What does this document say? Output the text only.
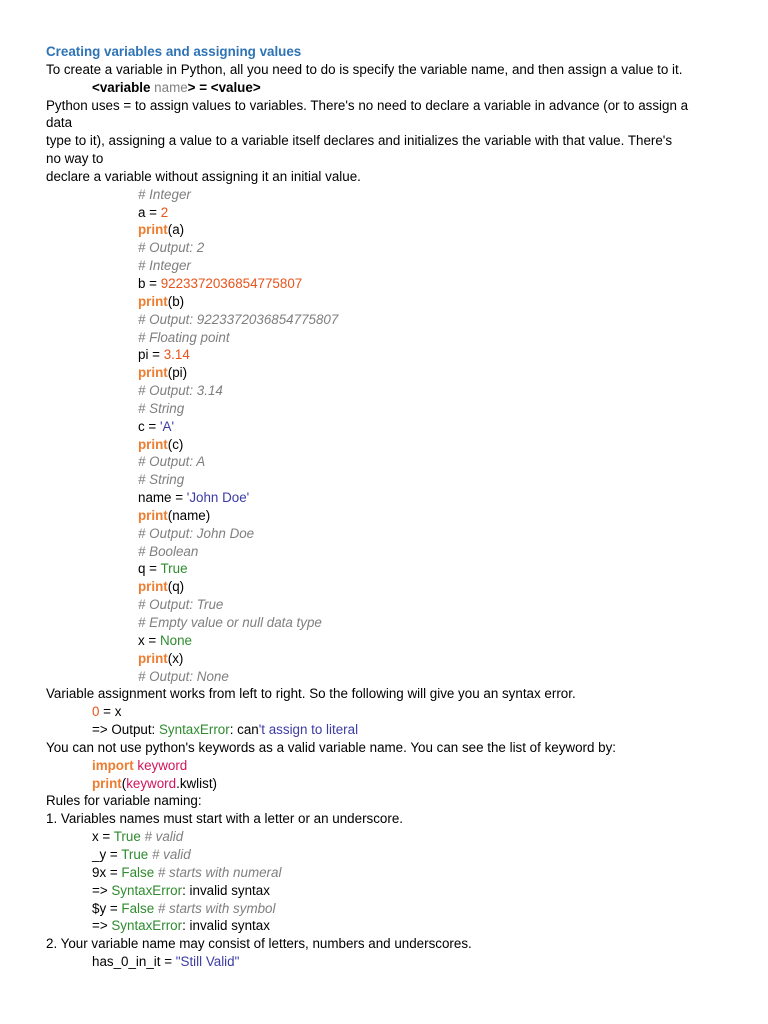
Creating variables and assigning values
To create a variable in Python, all you need to do is specify the variable name, and then assign a value to it.
<variable name> = <value>
Python uses = to assign values to variables. There's no need to declare a variable in advance (or to assign a
data
type to it), assigning a value to a variable itself declares and initializes the variable with that value. There's
no way to
declare a variable without assigning it an initial value.
# Integer
a = 2
print(a)
# Output: 2
# Integer
b = 9223372036854775807
print(b)
# Output: 9223372036854775807
# Floating point
pi = 3.14
print(pi)
# Output: 3.14
# String
c = 'A'
print(c)
# Output: A
# String
name = 'John Doe'
print(name)
# Output: John Doe
# Boolean
q = True
print(q)
# Output: True
# Empty value or null data type
x = None
print(x)
# Output: None
Variable assignment works from left to right. So the following will give you an syntax error.
0 = x
=> Output: SyntaxError: can't assign to literal
You can not use python's keywords as a valid variable name. You can see the list of keyword by:
import keyword
print(keyword.kwlist)
Rules for variable naming:
1. Variables names must start with a letter or an underscore.
x = True # valid
_y = True # valid
9x = False # starts with numeral
=> SyntaxError: invalid syntax
$y = False # starts with symbol
=> SyntaxError: invalid syntax
2. Your variable name may consist of letters, numbers and underscores.
has_0_in_it = "Still Valid"
